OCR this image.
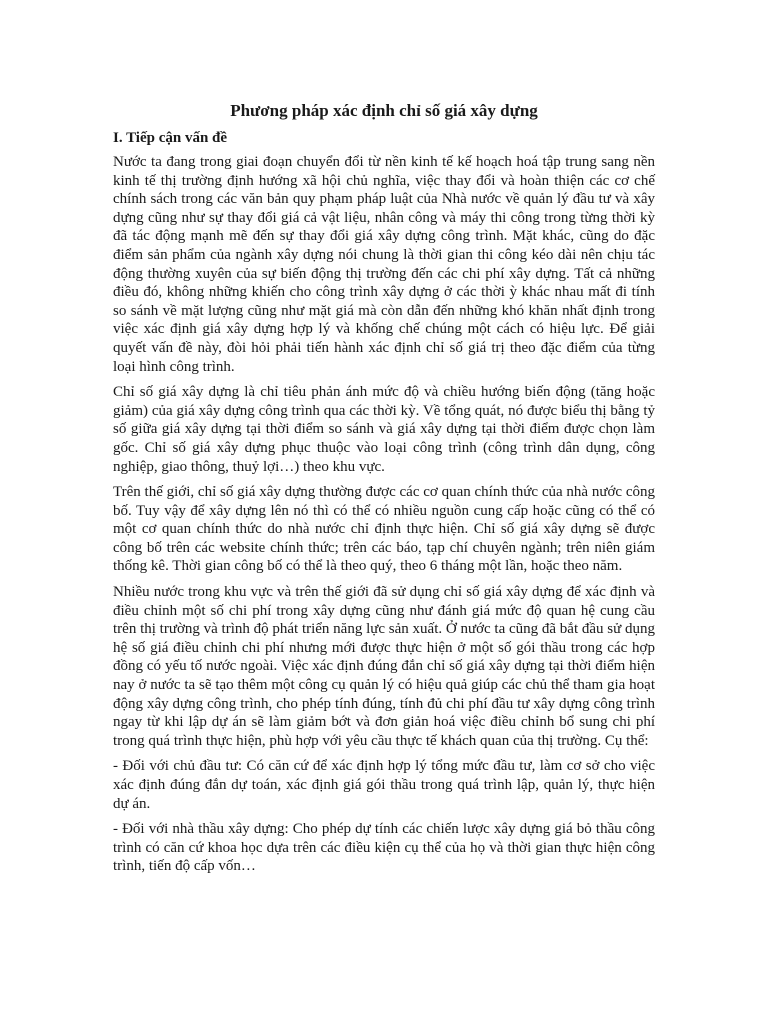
Phương pháp xác định chỉ số giá xây dựng
I. Tiếp cận vấn đề

Nước ta đang trong giai đoạn chuyển đổi từ nền kinh tế kế hoạch hoá tập trung sang nền kinh tế thị trường định hướng xã hội chủ nghĩa, việc thay đổi và hoàn thiện các cơ chế chính sách trong các văn bản quy phạm pháp luật của Nhà nước về quản lý đầu tư và xây dựng cũng như sự thay đổi giá cả vật liệu, nhân công và máy thi công trong từng thời kỳ đã tác động mạnh mẽ đến sự thay đổi giá xây dựng công trình. Mặt khác, cũng do đặc điểm sản phẩm của ngành xây dựng nói chung là thời gian thi công kéo dài nên chịu tác động thường xuyên của sự biến động thị trường đến các chi phí xây dựng. Tất cả những điều đó, không những khiến cho công trình xây dựng ở các thời ỳ khác nhau mất đi tính so sánh về mặt lượng cũng như mặt giá mà còn dẫn đến những khó khăn nhất định trong việc xác định giá xây dựng hợp lý và khống chế chúng một cách có hiệu lực. Để giải quyết vấn đề này, đòi hỏi phải tiến hành xác định chỉ số giá trị theo đặc điểm của từng loại hình công trình.

Chỉ số giá xây dựng là chỉ tiêu phản ánh mức độ và chiều hướng biến động (tăng hoặc giảm) của giá xây dựng công trình qua các thời kỳ. Về tổng quát, nó được biểu thị bằng tỷ số giữa giá xây dựng tại thời điểm so sánh và giá xây dựng tại thời điểm được chọn làm gốc. Chỉ số giá xây dựng phục thuộc vào loại công trình (công trình dân dụng, công nghiệp, giao thông, thuỷ lợi…) theo khu vực.

Trên thế giới, chỉ số giá xây dựng thường được các cơ quan chính thức của nhà nước công bố. Tuy vậy để xây dựng lên nó thì có thể có nhiều nguồn cung cấp hoặc cũng có thể có một cơ quan chính thức do nhà nước chỉ định thực hiện. Chỉ số giá xây dựng sẽ được công bố trên các website chính thức; trên các báo, tạp chí chuyên ngành; trên niên giám thống kê. Thời gian công bố có thể là theo quý, theo 6 tháng một lần, hoặc theo năm.

Nhiều nước trong khu vực và trên thế giới đã sử dụng chỉ số giá xây dựng để xác định và điều chỉnh một số chi phí trong xây dựng cũng như đánh giá mức độ quan hệ cung cầu trên thị trường và trình độ phát triển năng lực sản xuất. Ở nước ta cũng đã bắt đầu sử dụng hệ số giá điều chỉnh chi phí nhưng mới được thực hiện ở một số gói thầu trong các hợp đồng có yếu tố nước ngoài. Việc xác định đúng đắn chỉ số giá xây dựng tại thời điểm hiện nay ở nước ta sẽ tạo thêm một công cụ quản lý có hiệu quả giúp các chủ thể tham gia hoạt động xây dựng công trình, cho phép tính đúng, tính đủ chi phí đầu tư xây dựng công trình ngay từ khi lập dự án sẽ làm giảm bớt và đơn giản hoá việc điều chỉnh bổ sung chi phí trong quá trình thực hiện, phù hợp với yêu cầu thực tế khách quan của thị trường. Cụ thể:

- Đối với chủ đầu tư: Có căn cứ để xác định hợp lý tổng mức đầu tư, làm cơ sở cho việc xác định đúng đắn dự toán, xác định giá gói thầu trong quá trình lập, quản lý, thực hiện dự án.

- Đối với nhà thầu xây dựng: Cho phép dự tính các chiến lược xây dựng giá bỏ thầu công trình có căn cứ khoa học dựa trên các điều kiện cụ thể của họ và thời gian thực hiện công trình, tiến độ cấp vốn…
